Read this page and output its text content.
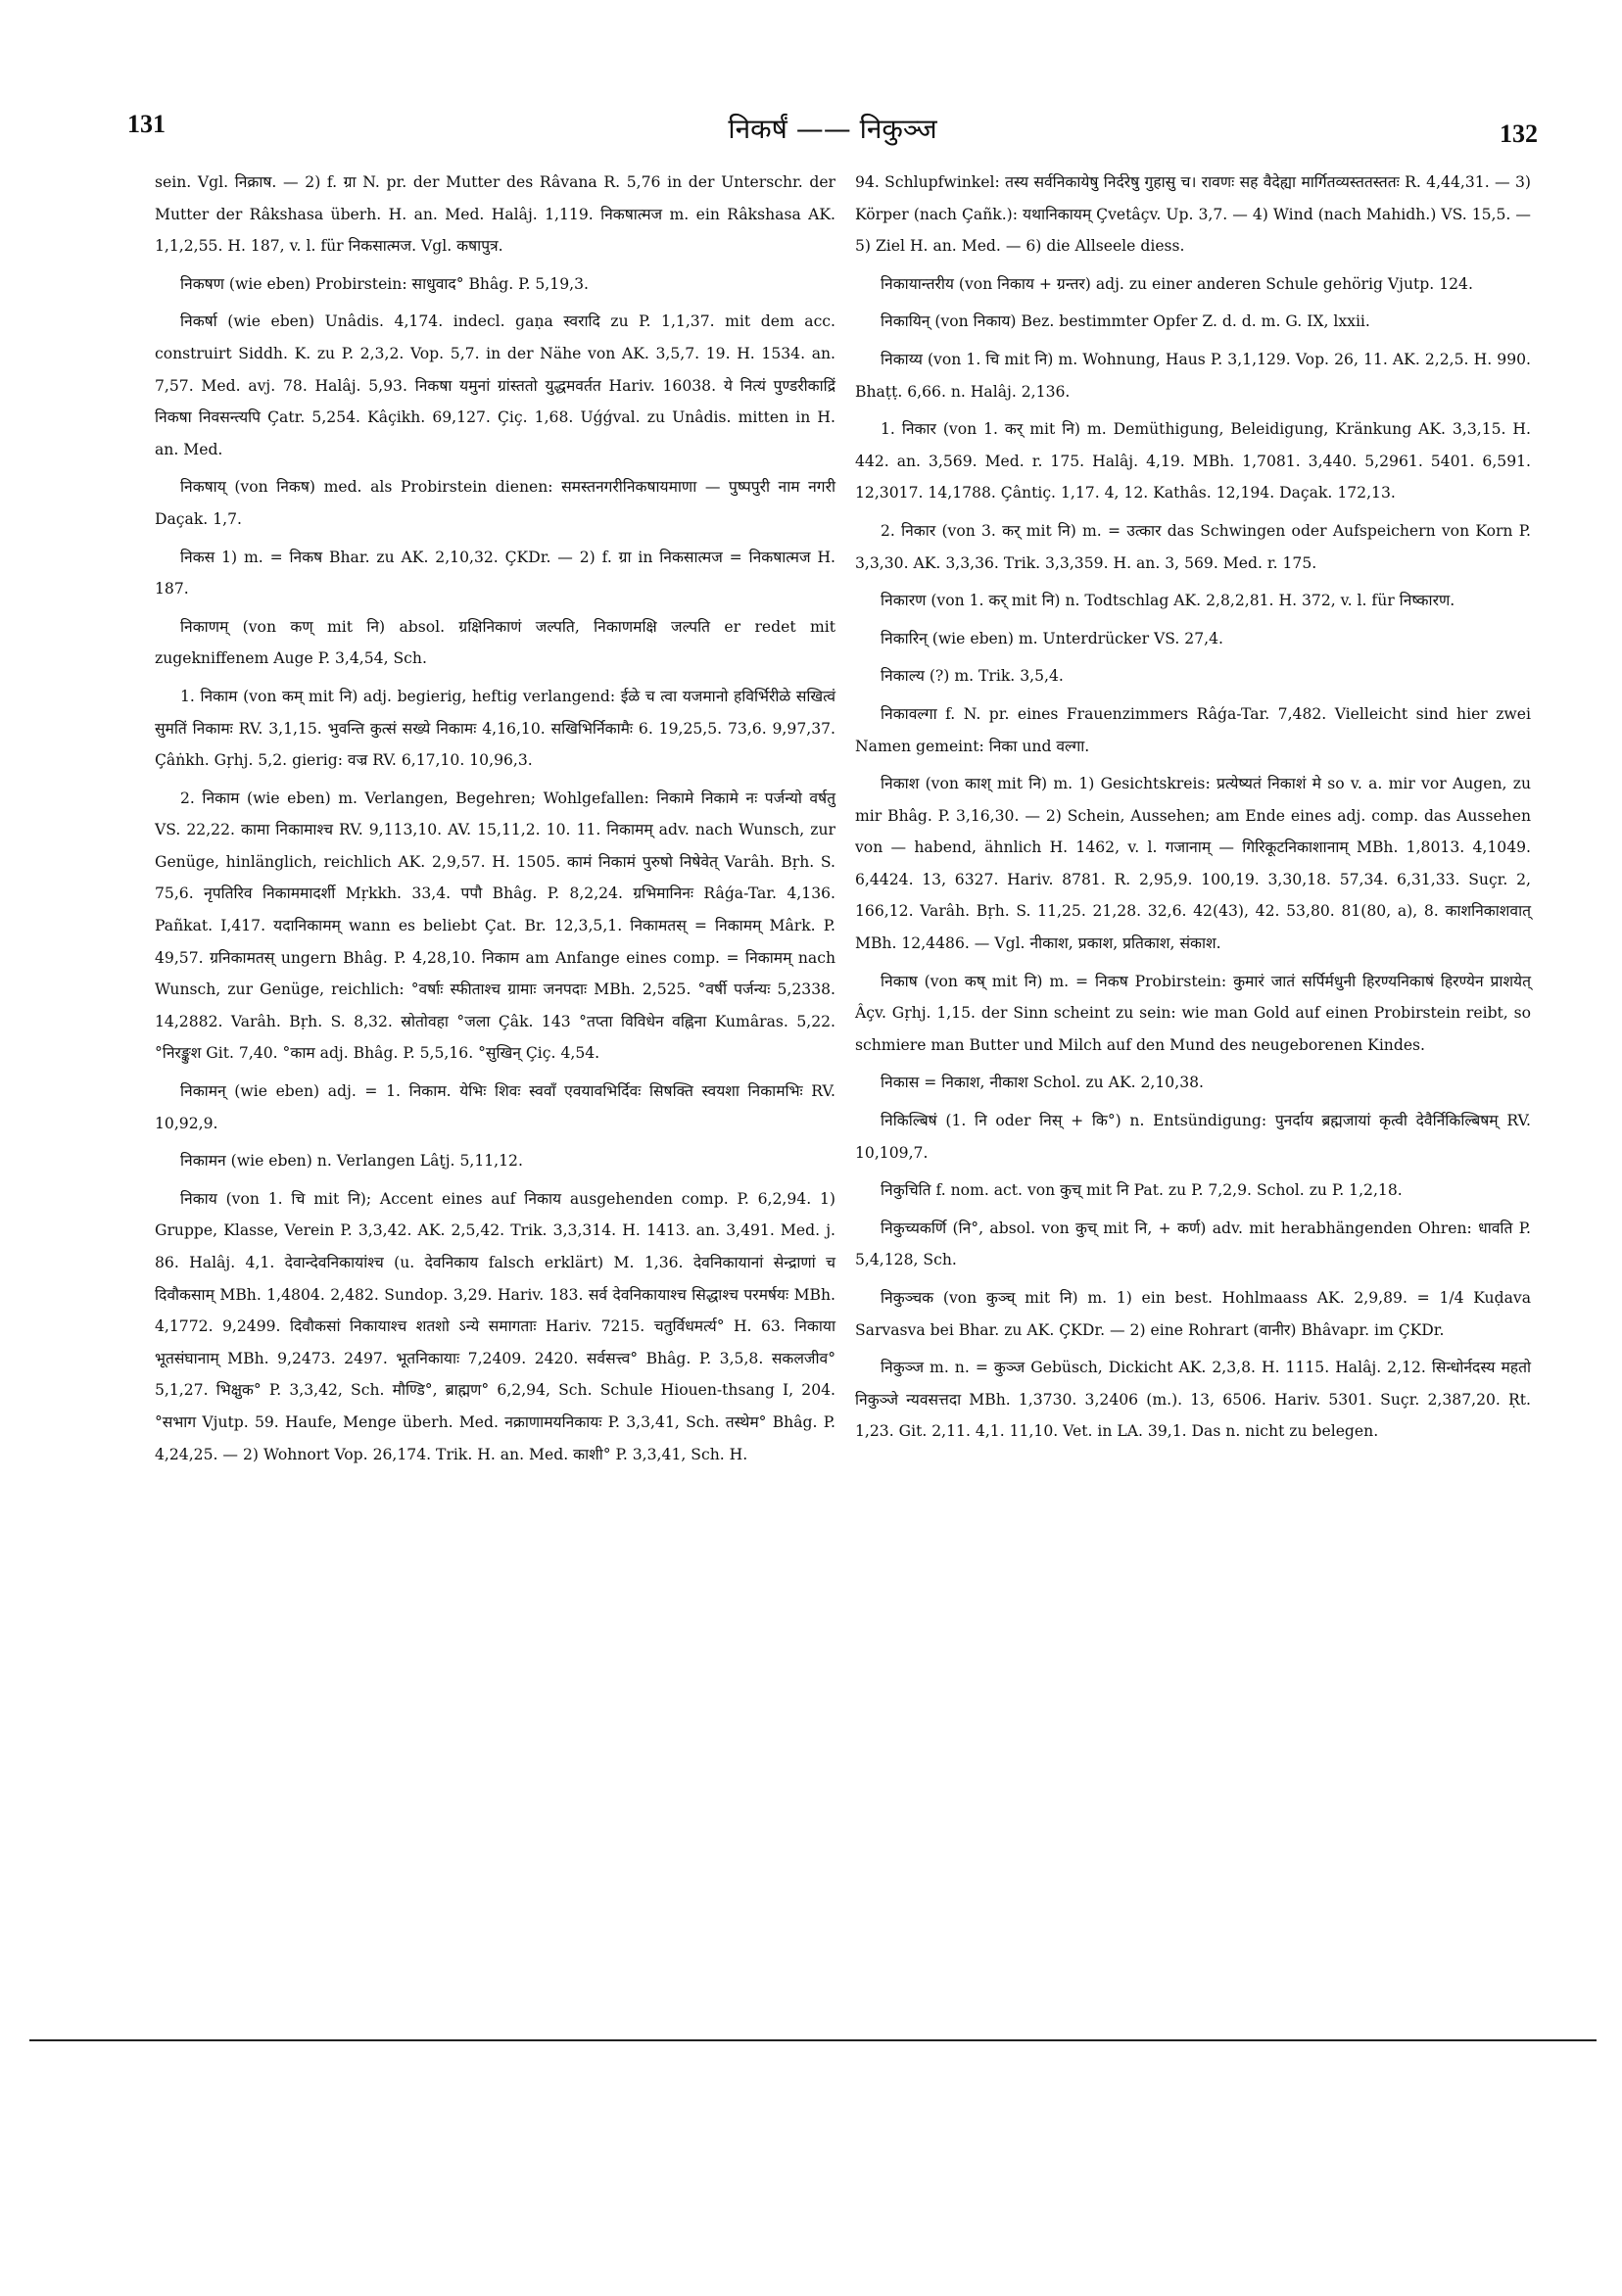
131	निकर्षं —— निकुञ्ज	132

sein. Vgl. निक्राष. — 2) f. ग्रा N. pr. der Mutter des Râvana R. 5,76 in der Unterschr. der Mutter der Râkshasa überh. H. an. Med. Halâj. 1,119. निकषात्मज m. ein Râkshasa AK. 1,1,2,55. H. 187, v. l. für निकसात्मज. Vgl. कषापुत्र.

निकषण (wie eben) Probirstein: साधुवाद° Bhâg. P. 5,19,3.

निकर्षा (wie eben) Unâdis. 4,174. indecl. gaṇa स्वरादि zu P. 1,1,37. mit dem acc. construirt Siddh. K. zu P. 2,3,2. Vop. 5,7. in der Nähe von AK. 3,5,7. 19. H. 1534. an. 7,57. Med. avj. 78. Halâj. 5,93. निकषा यमुनां ग्रांस्ततो युद्धमवर्तत Hariv. 16038. ये नित्यं पुण्डरीकाद्रिं निकषा निवसन्त्यपि Çatr. 5,254. Kâçikh. 69,127. Çiç. 1,68. Uǵǵval. zu Unâdis. mitten in H. an. Med.

निकषाय् (von निकष) med. als Probirstein dienen: समस्तनगरीनिकषायमाणा — पुष्पपुरी नाम नगरी Daçak. 1,7.

निकस 1) m. = निकष Bhar. zu AK. 2,10,32. ÇKDr. — 2) f. ग्रा in निकसात्मज = निकषात्मज H. 187.

निकाणम् (von कण् mit नि) absol. ग्रक्षिनिकाणं जल्पति, निकाणमक्षि जल्पति er redet mit zugekniffenem Auge P. 3,4,54, Sch.

1. निकाम (von कम् mit नि) adj. begierig, heftig verlangend: ईळे च त्वा यजमानो हविर्भिरीळे सखित्वं सुमतिं निकामः RV. 3,1,15. भुवन्ति कुत्सं सख्ये निकामः 4,16,10. सखिभिर्निकामैः 6. 19,25,5. 73,6. 9,97,37. Çâṅkh. Gṛhj. 5,2. gierig: वज्र RV. 6,17,10. 10,96,3.

2. निकाम (wie eben) m. Verlangen, Begehren; Wohlgefallen: निकामे निकामे नः पर्जन्यो वर्षतु VS. 22,22. कामा निकामाश्च RV. 9,113,10. AV. 15,11,2. 10. 11. निकामम् adv. nach Wunsch, zur Genüge, hinlänglich, reichlich AK. 2,9,57. H. 1505. कामं निकामं पुरुषो निषेवेत् Varâh. Bṛh. S. 75,6. नृपतिरिव निकाममादर्शी Mṛkkh. 33,4. पपौ Bhâg. P. 8,2,24. ग्रभिमानिनः Râǵa-Tar. 4,136. Pañkat. I,417. यदानिकामम् wann es beliebt Çat. Br. 12,3,5,1. निकामतस् = निकामम् Mârk. P. 49,57. ग्रनिकामतस् ungern Bhâg. P. 4,28,10. निकाम am Anfange eines comp. = निकामम् nach Wunsch, zur Genüge, reichlich: °वर्षाः स्फीताश्च ग्रामाः जनपदाः MBh. 2,525. °वर्षी पर्जन्यः 5,2338. 14,2882. Varâh. Bṛh. S. 8,32. स्रोतोवहा °जला Çâk. 143 °तप्ता विविधेन वह्निना Kumâras. 5,22. °निरङ्कुश Git. 7,40. °काम adj. Bhâg. P. 5,5,16. °सुखिन् Çiç. 4,54.

निकामन् (wie eben) adj. = 1. निकाम. येभिः शिवः स्ववाँ एवयावभिर्दिवः सिषक्ति स्वयशा निकामभिः RV. 10,92,9.

निकामन (wie eben) n. Verlangen Lâṭj. 5,11,12.

निकाय (von 1. चि mit नि); Accent eines auf निकाय ausgehenden comp. P. 6,2,94. 1) Gruppe, Klasse, Verein P. 3,3,42. AK. 2,5,42. Trik. 3,3,314. H. 1413. an. 3,491. Med. j. 86. Halâj. 4,1. देवान्देवनिकायांश्च (u. देवनिकाय falsch erklärt) M. 1,36. देवनिकायानां सेन्द्राणां च दिवौकसाम् MBh. 1,4804. 2,482. Sundop. 3,29. Hariv. 183. सर्व देवनिकायाश्च सिद्धाश्च परमर्षयः MBh. 4,1772. 9,2499. दिवौकसां निकायाश्च शतशो ऽन्ये समागताः Hariv. 7215. चतुर्विधमर्त्य° H. 63. निकाया भूतसंघानाम् MBh. 9,2473. 2497. भूतनिकायाः 7,2409. 2420. सर्वसत्त्व° Bhâg. P. 3,5,8. सकलजीव° 5,1,27. भिक्षुक° P. 3,3,42, Sch. मौण्डि°, ब्राह्मण° 6,2,94, Sch. Schule Hiouen-thsang I, 204. °सभाग Vjutp. 59. Haufe, Menge überh. Med. नक्राणामयनिकायः P. 3,3,41, Sch. तस्थेम° Bhâg. P. 4,24,25. — 2) Wohnort Vop. 26,174. Trik. H. an. Med. काशी° P. 3,3,41, Sch. H.

94. Schlupfwinkel: तस्य सर्वनिकायेषु निर्दरेषु गुहासु च। रावणः सह वैदेह्या मार्गितव्यस्ततस्ततः R. 4,44,31. — 3) Körper (nach Çañk.): यथानिकायम् Çvetâçv. Up. 3,7. — 4) Wind (nach Mahidh.) VS. 15,5. — 5) Ziel H. an. Med. — 6) die Allseele diess.

निकायान्तरीय (von निकाय + ग्रन्तर) adj. zu einer anderen Schule gehörig Vjutp. 124.

निकायिन् (von निकाय) Bez. bestimmter Opfer Z. d. d. m. G. IX, lxxii.

निकाय्य (von 1. चि mit नि) m. Wohnung, Haus P. 3,1,129. Vop. 26, 11. AK. 2,2,5. H. 990. Bhaṭṭ. 6,66. n. Halâj. 2,136.

1. निकार (von 1. कर् mit नि) m. Demüthigung, Beleidigung, Kränkung AK. 3,3,15. H. 442. an. 3,569. Med. r. 175. Halâj. 4,19. MBh. 1,7081. 3,440. 5,2961. 5401. 6,591. 12,3017. 14,1788. Çântiç. 1,17. 4, 12. Kathâs. 12,194. Daçak. 172,13.

2. निकार (von 3. कर् mit नि) m. = उत्कार das Schwingen oder Aufspeichern von Korn P. 3,3,30. AK. 3,3,36. Trik. 3,3,359. H. an. 3, 569. Med. r. 175.

निकारण (von 1. कर् mit नि) n. Todtschlag AK. 2,8,2,81. H. 372, v. l. für निष्कारण.

निकारिन् (wie eben) m. Unterdrücker VS. 27,4.

निकाल्य (?) m. Trik. 3,5,4.

निकावल्गा f. N. pr. eines Frauenzimmers Râǵa-Tar. 7,482. Vielleicht sind hier zwei Namen gemeint: निका und वल्गा.

निकाश (von काश् mit नि) m. 1) Gesichtskreis: प्रत्येष्यतं निकाशं मे so v. a. mir vor Augen, zu mir Bhâg. P. 3,16,30. — 2) Schein, Aussehen; am Ende eines adj. comp. das Aussehen von — habend, ähnlich H. 1462, v. l. गजानाम् — गिरिकूटनिकाशानाम् MBh. 1,8013. 4,1049. 6,4424. 13, 6327. Hariv. 8781. R. 2,95,9. 100,19. 3,30,18. 57,34. 6,31,33. Suçr. 2, 166,12. Varâh. Bṛh. S. 11,25. 21,28. 32,6. 42(43), 42. 53,80. 81(80, a), 8. काशनिकाशवात् MBh. 12,4486. — Vgl. नीकाश, प्रकाश, प्रतिकाश, संकाश.

निकाष (von कष् mit नि) m. = निकष Probirstein: कुमारं जातं सर्पिर्मधुनी हिरण्यनिकाषं हिरण्येन प्राशयेत् Âçv. Gṛhj. 1,15. der Sinn scheint zu sein: wie man Gold auf einen Probirstein reibt, so schmiere man Butter und Milch auf den Mund des neugeborenen Kindes.

निकास = निकाश, नीकाश Schol. zu AK. 2,10,38.

निकिल्बिषं (1. नि oder निस् + कि°) n. Entsündigung: पुनर्दाय ब्रह्मजायां कृत्वी देवैर्निकिल्बिषम् RV. 10,109,7.

निकुचिति f. nom. act. von कुच् mit नि Pat. zu P. 7,2,9. Schol. zu P. 1,2,18.

निकुच्यकर्णि (नि°, absol. von कुच् mit नि, + कर्ण) adv. mit herabhängenden Ohren: धावति P. 5,4,128, Sch.

निकुञ्चक (von कुञ्च् mit नि) m. 1) ein best. Hohlmaass AK. 2,9,89. = 1/4 Kuḍava Sarvasva bei Bhar. zu AK. ÇKDr. — 2) eine Rohrart (वानीर) Bhâvapr. im ÇKDr.

निकुञ्ज m. n. = कुञ्ज Gebüsch, Dickicht AK. 2,3,8. H. 1115. Halâj. 2,12. सिन्धोर्नदस्य महतो निकुञ्जे न्यवसत्तदा MBh. 1,3730. 3,2406 (m.). 13, 6506. Hariv. 5301. Suçr. 2,387,20. Ṛt. 1,23. Git. 2,11. 4,1. 11,10. Vet. in LA. 39,1. Das n. nicht zu belegen.
